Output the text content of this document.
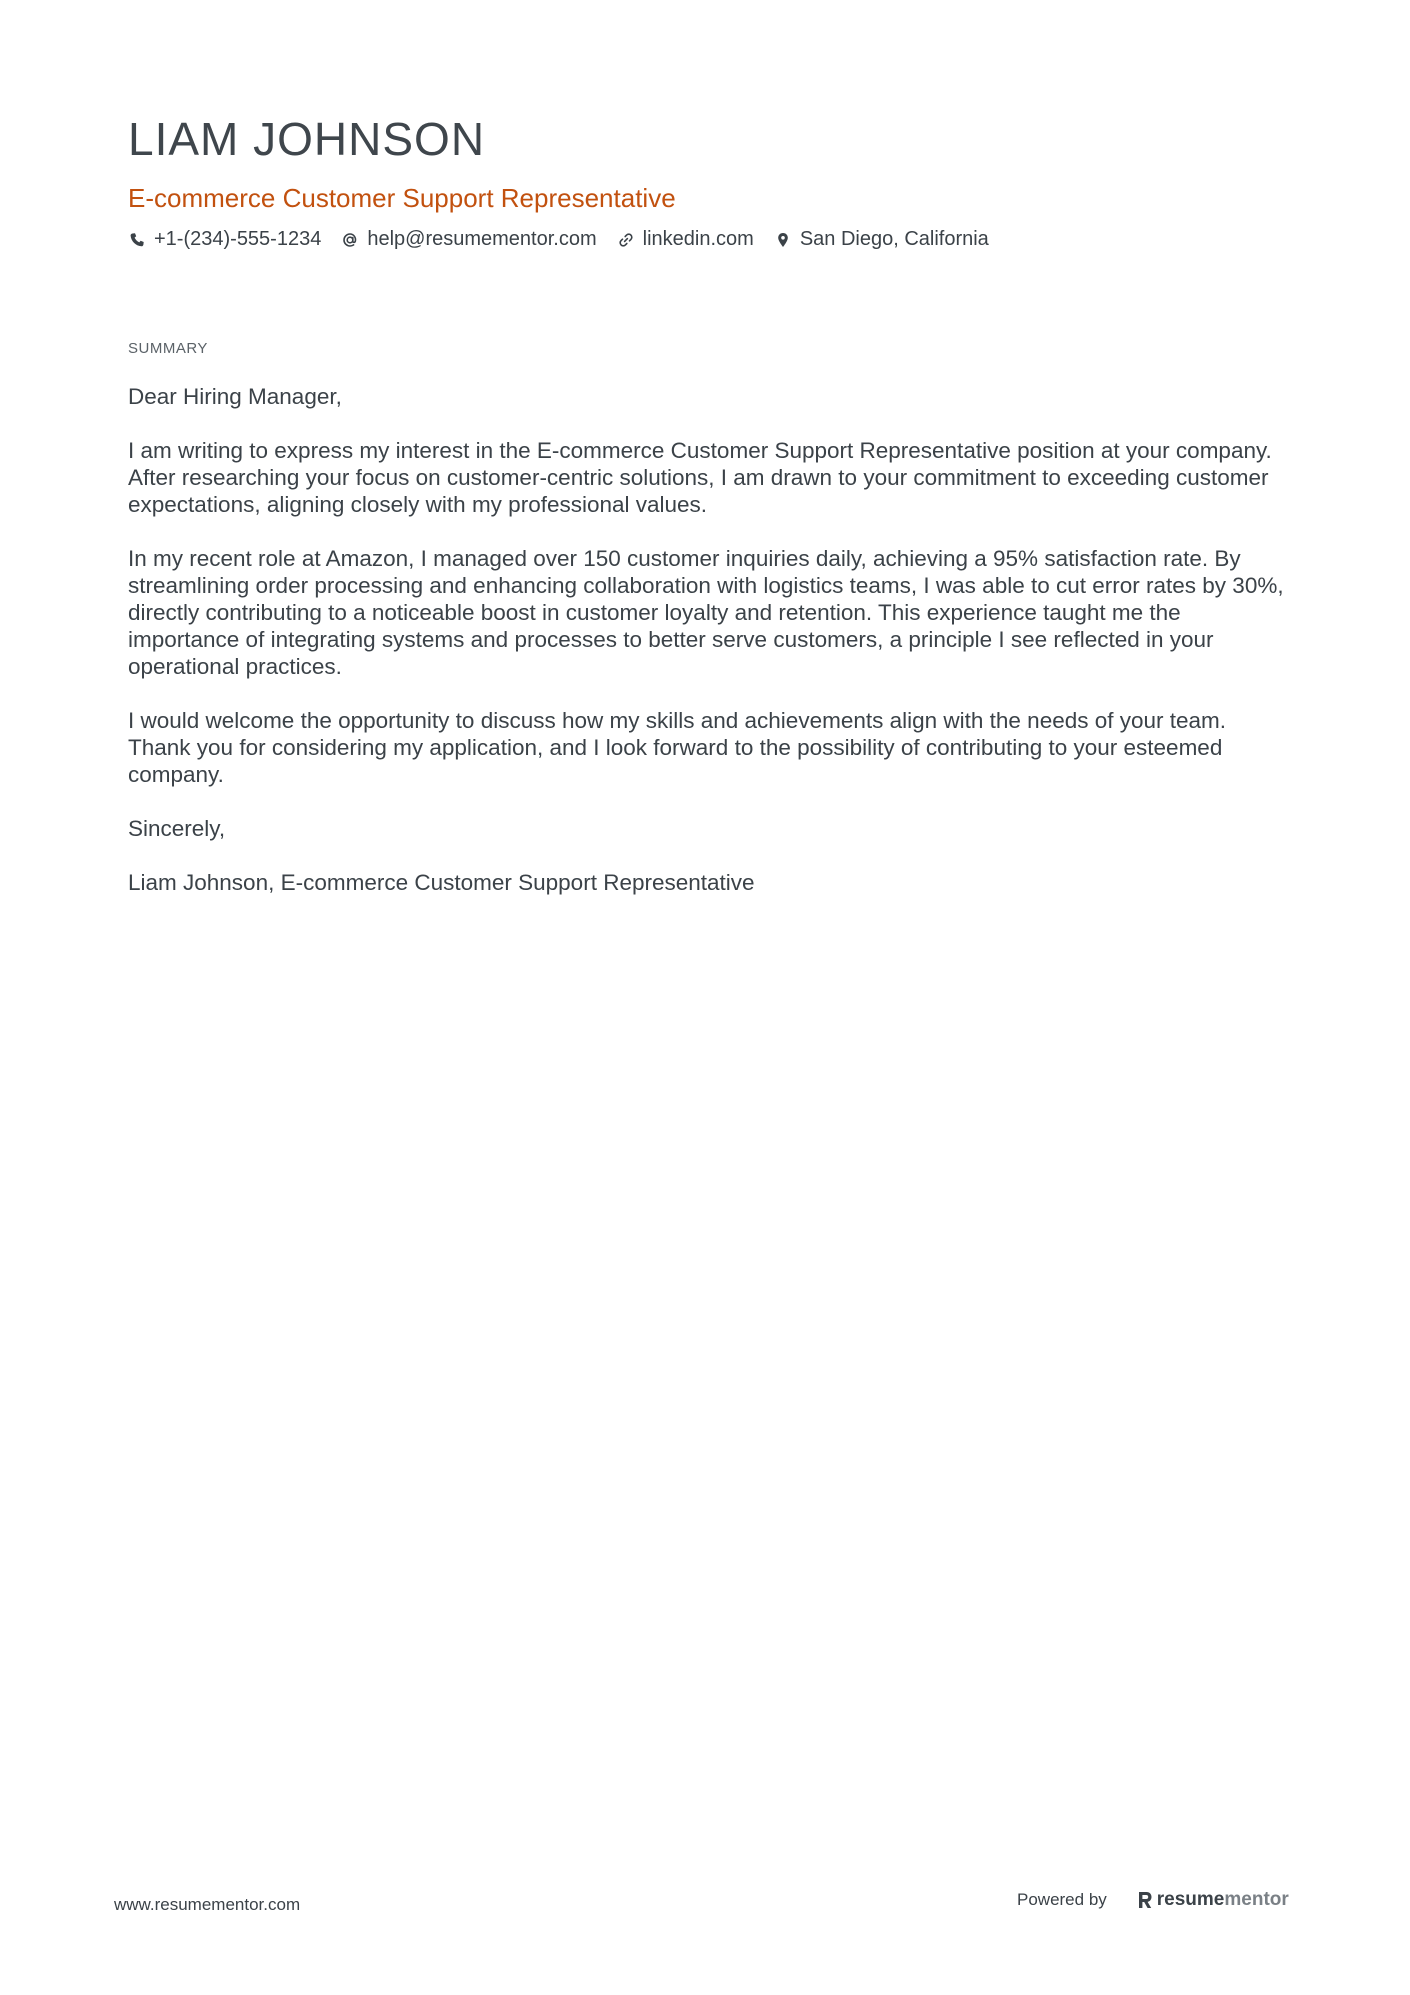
LIAM JOHNSON
E-commerce Customer Support Representative
+1-(234)-555-1234 help@resumementor.com linkedin.com San Diego, California
SUMMARY

Dear Hiring Manager,

I am writing to express my interest in the E-commerce Customer Support Representative position at your company. After researching your focus on customer-centric solutions, I am drawn to your commitment to exceeding customer expectations, aligning closely with my professional values.

In my recent role at Amazon, I managed over 150 customer inquiries daily, achieving a 95% satisfaction rate. By streamlining order processing and enhancing collaboration with logistics teams, I was able to cut error rates by 30%, directly contributing to a noticeable boost in customer loyalty and retention. This experience taught me the importance of integrating systems and processes to better serve customers, a principle I see reflected in your operational practices.

I would welcome the opportunity to discuss how my skills and achievements align with the needs of your team. Thank you for considering my application, and I look forward to the possibility of contributing to your esteemed company.

Sincerely,

Liam Johnson, E-commerce Customer Support Representative

www.resumementor.com	Powered by	resume mentor
